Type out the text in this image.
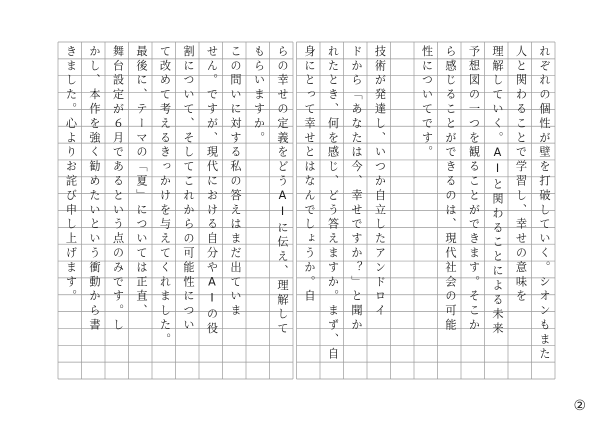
れぞれの個性が壁を打破していく。シオンもまた
人と関わることで学習し、幸せの意味を
理解していく。AIと関わることによる未来
予想図の一つを観ることができます。そこか
ら感じることができるのは、現代社会の可能
性についてです。
技術が発達し、いつか自立したアンドロイ
ドから「あなたは今、幸せですか？」と聞か
れたとき、何を感じ、どう答えますか。まず、自
身にとって幸せとはなんでしょうか。自
らの幸せの定義をどうAIに伝え、理解して
もらいますか。
この問いに対する私の答えはまだ出ていま
せん。ですが、現代における自分やAIの役
割について、そしてこれからの可能性につい
て改めて考えるきっかけを与えてくれました。
最後に、テーマの「夏」については正直、
舞台設定が６月であるという点のみです。し
かし、本作を強く勧めたいという衝動から書
きました。心よりお詫び申し上げます。
②
